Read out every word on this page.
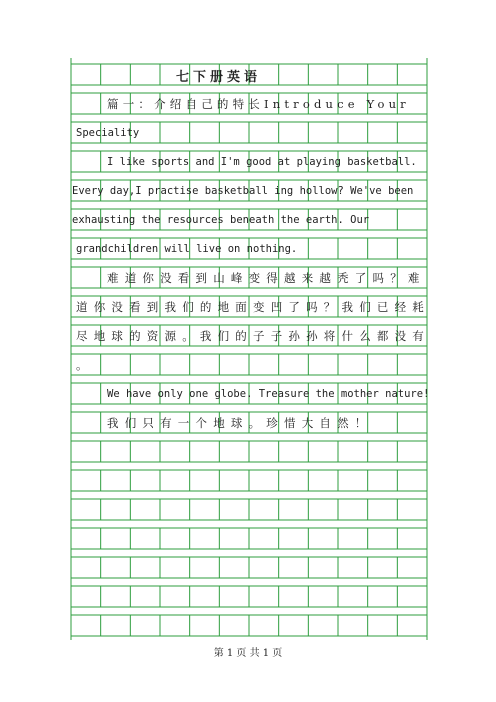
七下册英语
篇一：介绍自己的特长Introduce Your
Speciality
I like sports and I'm good at playing basketball.
Every day,I practise basketball ing hollow? We've been
exhausting the resources beneath the earth. Our
grandchildren will live on nothing.
难道你没看到山峰变得越来越秃了吗？难
道你没看到我们的地面变凹了吗？我们已经耗
尽地球的资源。我们的子子孙孙将什么都没有
。
We have only one globe. Treasure the mother nature!
我们只有一个地球。珍惜大自然！
第 1 页 共 1 页
